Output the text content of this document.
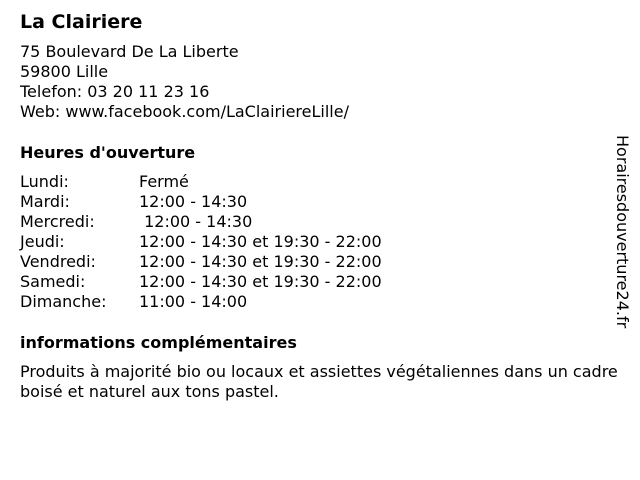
La Clairiere
75 Boulevard De La Liberte
59800 Lille
Telefon: 03 20 11 23 16
Web: www.facebook.com/LaClairiereLille/
Heures d'ouverture
Lundi:	Fermé
Mardi:	12:00 - 14:30
Mercredi:	12:00 - 14:30
Jeudi:	12:00 - 14:30 et 19:30 - 22:00
Vendredi:	12:00 - 14:30 et 19:30 - 22:00
Samedi:	12:00 - 14:30 et 19:30 - 22:00
Dimanche:	11:00 - 14:00
informations complémentaires
Produits à majorité bio ou locaux et assiettes végétaliennes dans un cadre boisé et naturel aux tons pastel.
Horairesdouverture24.fr
